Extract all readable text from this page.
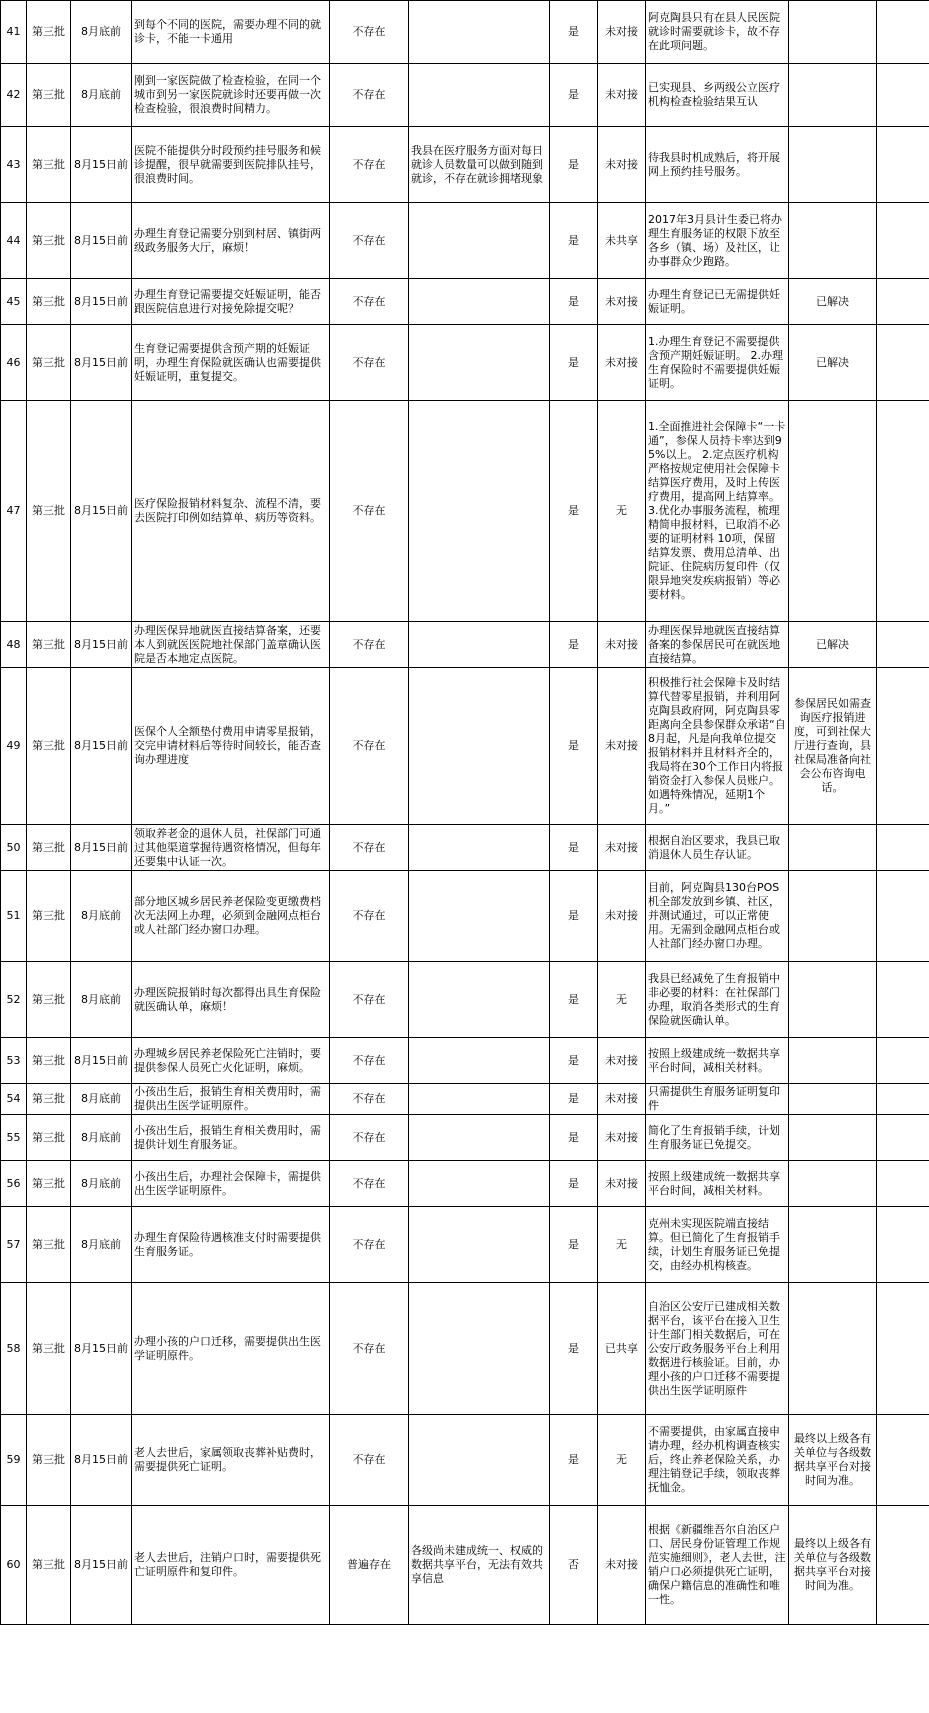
41	第三批	8月底前	到每个不同的医院，需要办理不同的就诊卡，不能一卡通用	不存在		是	未对接	阿克陶县只有在县人民医院就诊时需要就诊卡，故不存在此项问题。		
42	第三批	8月底前	刚到一家医院做了检查检验，在同一个城市到另一家医院就诊时还要再做一次检查检验，很浪费时间精力。	不存在		是	未对接	已实现县、乡两级公立医疗机构检查检验结果互认		
43	第三批	8月15日前	医院不能提供分时段预约挂号服务和候诊提醒，很早就需要到医院排队挂号，很浪费时间。	不存在	我县在医疗服务方面对每日就诊人员数量可以做到随到就诊，不存在就诊拥堵现象	是	未对接	待我县时机成熟后，将开展网上预约挂号服务。		
44	第三批	8月15日前	办理生育登记需要分别到村居、镇街两级政务服务大厅，麻烦！	不存在		是	未共享	2017年3月县计生委已将办理生育服务证的权限下放至各乡（镇、场）及社区，让办事群众少跑路。		
45	第三批	8月15日前	办理生育登记需要提交妊娠证明，能否跟医院信息进行对接免除提交呢？	不存在		是	未对接	办理生育登记已无需提供妊娠证明。	已解决	
46	第三批	8月15日前	生育登记需要提供含预产期的妊娠证明，办理生育保险就医确认也需要提供妊娠证明，重复提交。	不存在		是	未对接	1.办理生育登记不需要提供含预产期妊娠证明。 2.办理生育保险时不需要提供妊娠证明。	已解决	
47	第三批	8月15日前	医疗保险报销材料复杂、流程不清，要去医院打印例如结算单、病历等资料。	不存在		是	无	1.全面推进社会保障卡“一卡通”，参保人员持卡率达到95%以上。 2.定点医疗机构严格按规定使用社会保障卡结算医疗费用，及时上传医疗费用，提高网上结算率。3.优化办事服务流程，梳理精简申报材料，已取消不必要的证明材料 10项，保留结算发票、费用总清单、出院证、住院病历复印件（仅限异地突发疾病报销）等必要材料。		
48	第三批	8月15日前	办理医保异地就医直接结算备案，还要本人到就医医院地社保部门盖章确认医院是否本地定点医院。	不存在		是	未对接	办理医保异地就医直接结算备案的参保居民可在就医地直接结算。	已解决	
49	第三批	8月15日前	医保个人全额垫付费用申请零星报销，交完申请材料后等待时间较长，能否查询办理进度	不存在		是	未对接	积极推行社会保障卡及时结算代替零星报销，并利用阿克陶县政府网，阿克陶县零距离向全县参保群众承诺“自8月起，凡是向我单位提交报销材料并且材料齐全的，我局将在30个工作日内将报销资金打入参保人员账户。如遇特殊情况，延期1个月。”	参保居民如需查询医疗报销进度，可到社保大厅进行查询，县社保局准备向社会公布咨询电话。	
50	第三批	8月15日前	领取养老金的退休人员，社保部门可通过其他渠道掌握待遇资格情况，但每年还要集中认证一次。	不存在		是	未对接	根据自治区要求，我县已取消退休人员生存认证。		
51	第三批	8月底前	部分地区城乡居民养老保险变更缴费档次无法网上办理，必须到金融网点柜台或人社部门经办窗口办理。	不存在		是	未对接	目前，阿克陶县130台POS机全部发放到乡镇、社区，并测试通过，可以正常使用。无需到金融网点柜台或人社部门经办窗口办理。		
52	第三批	8月底前	办理医院报销时每次都得出具生育保险就医确认单，麻烦！	不存在		是	无	我县已经减免了生育报销中非必要的材料：在社保部门办理，取消各类形式的生育保险就医确认单。		
53	第三批	8月15日前	办理城乡居民养老保险死亡注销时，要提供参保人员死亡火化证明，麻烦。	不存在		是	未对接	按照上级建成统一数据共享平台时间，减相关材料。		
54	第三批	8月底前	小孩出生后，报销生育相关费用时，需提供出生医学证明原件。	不存在		是	未对接	只需提供生育服务证明复印件		
55	第三批	8月底前	小孩出生后，报销生育相关费用时，需提供计划生育服务证。	不存在		是	未对接	简化了生育报销手续，计划生育服务证已免提交。		
56	第三批	8月底前	小孩出生后，办理社会保障卡，需提供出生医学证明原件。	不存在		是	未对接	按照上级建成统一数据共享平台时间，减相关材料。		
57	第三批	8月底前	办理生育保险待遇核准支付时需要提供生育服务证。	不存在		是	无	克州未实现医院端直接结算。但已简化了生育报销手续，计划生育服务证已免提交，由经办机构核查。		
58	第三批	8月15日前	办理小孩的户口迁移，需要提供出生医学证明原件。	不存在		是	已共享	自治区公安厅已建成相关数据平台，该平台在接入卫生计生部门相关数据后，可在公安厅政务服务平台上利用数据进行核验证。目前，办理小孩的户口迁移不需要提供出生医学证明原件		
59	第三批	8月15日前	老人去世后，家属领取丧葬补贴费时，需要提供死亡证明。	不存在		是	无	不需要提供，由家属直接申请办理，经办机构调查核实后，终止养老保险关系，办理注销登记手续，领取丧葬抚恤金。	最终以上级各有关单位与各级数据共享平台对接时间为准。	
60	第三批	8月15日前	老人去世后，注销户口时，需要提供死亡证明原件和复印件。	普遍存在	各级尚未建成统一、权威的数据共享平台，无法有效共享信息	否	未对接	根据《新疆维吾尔自治区户口、居民身份证管理工作规范实施细则》，老人去世，注销户口必须提供死亡证明，确保户籍信息的准确性和唯一性。	最终以上级各有关单位与各级数据共享平台对接时间为准。	
